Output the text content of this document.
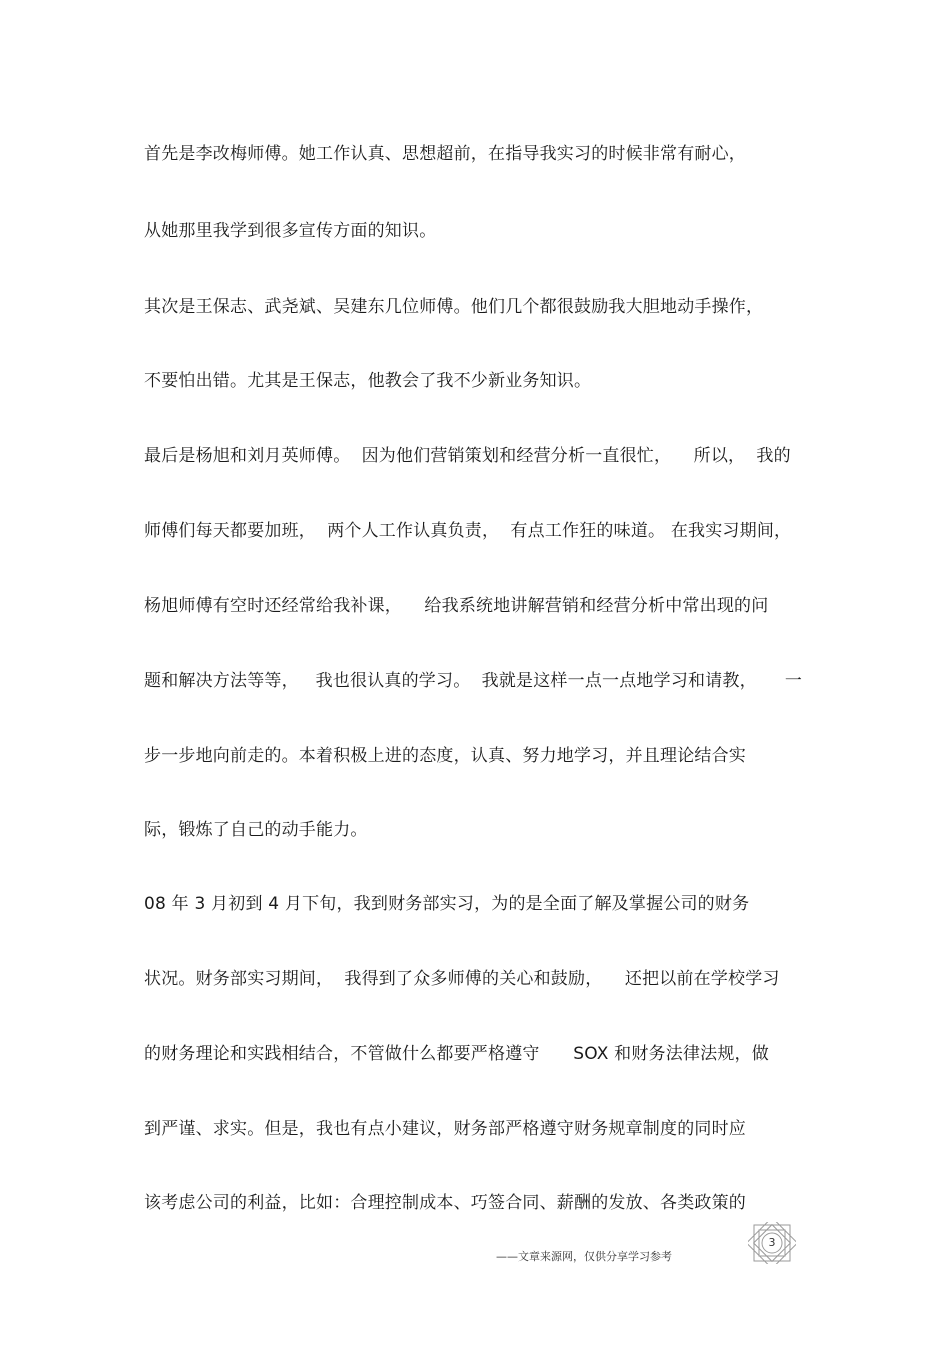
首先是李改梅师傅。她工作认真、思想超前，在指导我实习的时候非常有耐心，
从她那里我学到很多宣传方面的知识。
其次是王保志、武尧斌、吴建东几位师傅。他们几个都很鼓励我大胆地动手操作，
不要怕出错。尤其是王保志，他教会了我不少新业务知识。
最后是杨旭和刘月英师傅。  因为他们营销策划和经营分析一直很忙，    所以，  我的
师傅们每天都要加班，  两个人工作认真负责，  有点工作狂的味道。 在我实习期间，
杨旭师傅有空时还经常给我补课，    给我系统地讲解营销和经营分析中常出现的问
题和解决方法等等，   我也很认真的学习。  我就是这样一点一点地学习和请教，     一
步一步地向前走的。本着积极上进的态度，认真、努力地学习，并且理论结合实
际，锻炼了自己的动手能力。
08 年 3 月初到 4 月下旬，我到财务部实习，为的是全面了解及掌握公司的财务
状况。财务部实习期间，  我得到了众多师傅的关心和鼓励，    还把以前在学校学习
的财务理论和实践相结合，不管做什么都要严格遵守      SOX 和财务法律法规，做
到严谨、求实。但是，我也有点小建议，财务部严格遵守财务规章制度的同时应
该考虑公司的利益，比如：合理控制成本、巧签合同、薪酬的发放、各类政策的
——文章来源网，仅供分享学习参考
3
